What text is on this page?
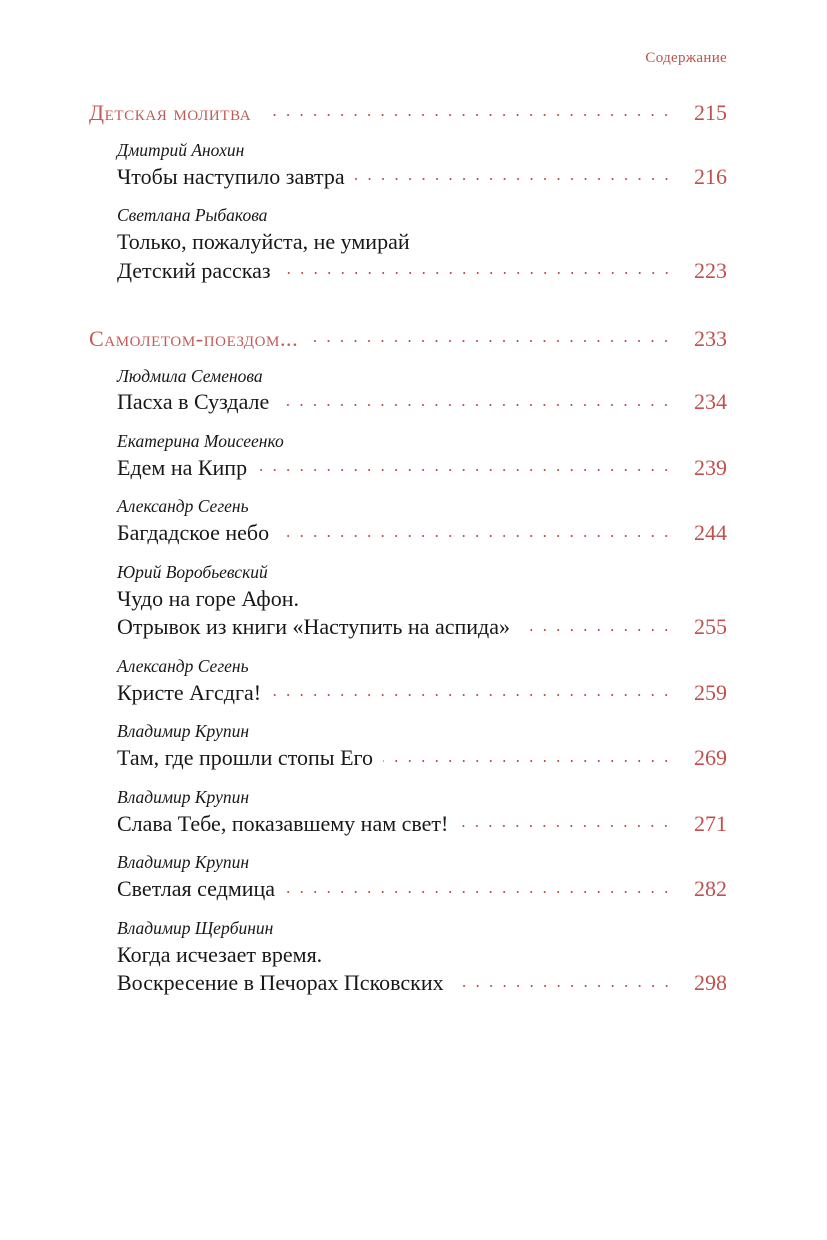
Содержание
Детская молитва	215
Дмитрий Анохин
Чтобы наступило завтра	216
Светлана Рыбакова
Только, пожалуйста, не умирай
Детский рассказ	223
Самолетом-поездом...	233
Людмила Семенова
Пасха в Суздале	234
Екатерина Моисеенко
Едем на Кипр	239
Александр Сегень
Багдадское небо	244
Юрий Воробьевский
Чудо на горе Афон.
Отрывок из книги «Наступить на аспида»	255
Александр Сегень
Кристе Агсдга!	259
Владимир Крупин
Там, где прошли стопы Его	269
Владимир Крупин
Слава Тебе, показавшему нам свет!	271
Владимир Крупин
Светлая седмица	282
Владимир Щербинин
Когда исчезает время.
Воскресение в Печорах Псковских	298
